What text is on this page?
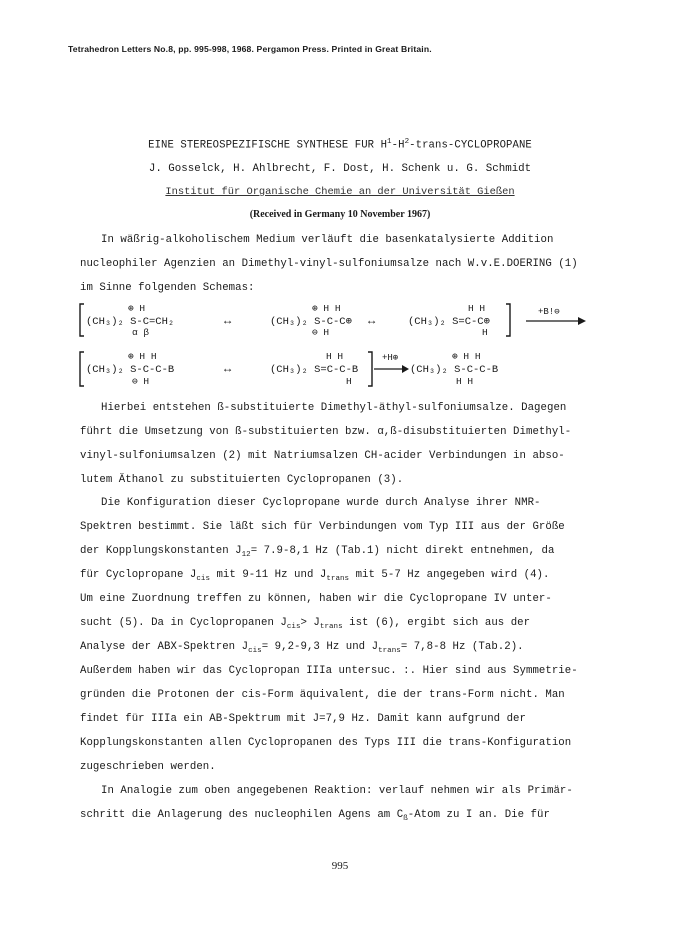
Tetrahedron Letters No.8, pp. 995-998, 1968. Pergamon Press. Printed in Great Britain.
EINE STEREOSPEZIFISCHE SYNTHESE FUR $H^1-H^2-trans$-CYCLOPROPANE
J. Gosselck, H. Ahlbrecht, F. Dost, H. Schenk u. G. Schmidt
Institut für Organische Chemie an der Universität Gießen
(Received in Germany 10 November 1967)
In wäßrig-alkoholischem Medium verläuft die basenkatalysierte Addition
nucleophiler Agenzien an Dimethyl-vinyl-sulfoniumsalze nach W.v.E.DOERING (1)
im Sinne folgenden Schemas:
⊕ H
(CH₃)₂ S-C=CH₂
α β
↔
⊕ H H
(CH₃)₂ S-C-C⊕
⊖ H
↔
H H
(CH₃)₂ S=C-C⊕
H
+B!⊖
⊕ H H
(CH₃)₂ S-C-C-B
⊖ H
↔
H H
(CH₃)₂ S=C-C-B
H
+H⊕	⊕ H H
(CH₃)₂ S-C-C-B
H H
Hierbei entstehen ß-substituierte Dimethyl-äthyl-sulfoniumsalze. Dagegen
führt die Umsetzung von ß-substituierten bzw. α,ß-disubstituierten Dimethyl-
vinyl-sulfoniumsalzen (2) mit Natriumsalzen CH-acider Verbindungen in abso-
lutem Äthanol zu substituierten Cyclopropanen (3).
Die Konfiguration dieser Cyclopropane wurde durch Analyse ihrer NMR-
Spektren bestimmt. Sie läßt sich für Verbindungen vom Typ III aus der Größe
der Kopplungskonstanten $J_{12}= 7.9-8,1$ Hz (Tab.1) nicht direkt entnehmen, da
für Cyclopropane $J_{cis}$ mit 9-11 Hz und $J_{trans}$ mit 5-7 Hz angegeben wird (4).
Um eine Zuordnung treffen zu können, haben wir die Cyclopropane IV unter-
sucht (5). Da in Cyclopropanen $J_{cis}> J_{trans}$ ist (6), ergibt sich aus der
Analyse der ABX-Spektren $J_{cis}= 9,2-9,3$ Hz und $J_{trans}= 7,8-8$ Hz (Tab.2).
Außerdem haben wir das Cyclopropan IIIa untersuc. :. Hier sind aus Symmetrie-
gründen die Protonen der cis-Form äquivalent, die der trans-Form nicht. Man
findet für IIIa ein AB-Spektrum mit J=7,9 Hz. Damit kann aufgrund der
Kopplungskonstanten allen Cyclopropanen des Typs III die trans-Konfiguration
zugeschrieben werden.
In Analogie zum oben angegebenen Reaktion: verlauf nehmen wir als Primär-
schritt die Anlagerung des nucleophilen Agens am $C_ß$-Atom zu I an. Die für
995
